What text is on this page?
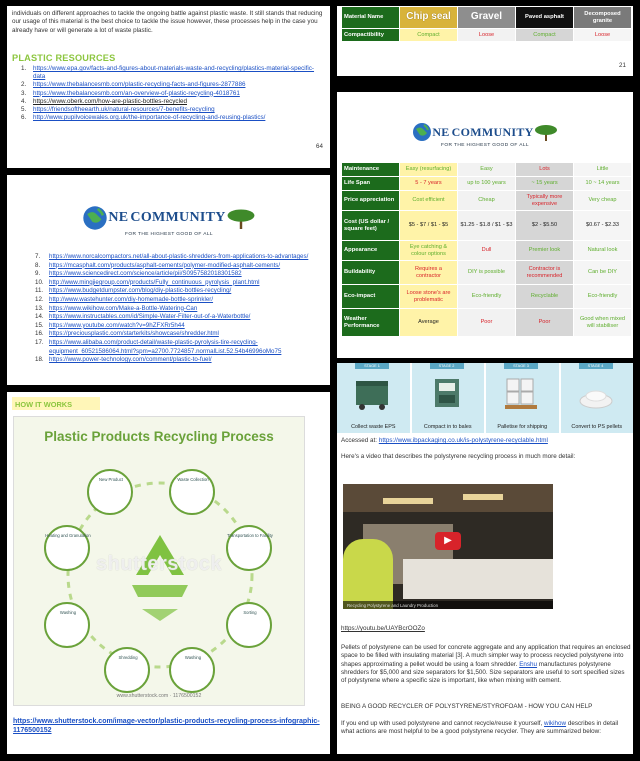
individuals on different approaches to tackle the ongoing battle against plastic waste. It still stands that reducing our usage of this material is the best choice to tackle the issue however, these processes help in the case you already have or will generate a lot of waste plastic.

PLASTIC RESOURCES
1.	https://www.epa.gov/facts-and-figures-about-materials-waste-and-recycling/plastics-material-specific-data
2.	https://www.thebalancesmb.com/plastic-recycling-facts-and-figures-2877886
3.	https://www.thebalancesmb.com/an-overview-of-plastic-recycling-4018761
4.	https://www.oberk.com/how-are-plastic-bottles-recycled
5.	https://friendsoftheearth.uk/natural-resources/7-benefits-recycling
6.	http://www.pupilvoicewales.org.uk/the-importance-of-recycling-and-reusing-plastics/
64
Material Name	Chip seal	Gravel	Paved asphalt	Decomposed granite
Compactibility	Compact	Loose	Compact	Loose
21
NE COMMUNITY
FOR THE HIGHEST GOOD OF ALL
Maintenance	Easy (resurfacing)	Easy	Lots	Little
Life Span	5 - 7 years	up to 100 years	~ 15 years	10 ~ 14 years
Price appreciation	Cost efficient	Cheap	Typically more expensive	Very cheap
Cost (US dollar / square feet)	$5 - $7 / $1 - $5	$1.25 - $1.8 / $1 - $3	$2 - $5.50	$0.67 - $2.33
Appearance	Eye catching & colour options	Dull	Premier look	Natural look
Buildability	Requires a contractor	DIY is possible	Contractor is recommended	Can be DIY
Eco-impact	Loose stone's are problematic	Eco-friendly	Recyclable	Eco-friendly
Weather Performance	Average	Poor	Poor	Good when mixed will stabiliser
NE COMMUNITY
FOR THE HIGHEST GOOD OF ALL
7.	https://www.norcalcompactors.net/all-about-plastic-shredders-from-applications-to-advantages/
8.	https://mcasphalt.com/products/asphalt-cements/polymer-modified-asphalt-cements/
9.	https://www.sciencedirect.com/science/article/pii/S0957582018301582
10. http://www.mingjiegroup.com/products/Fully_continuous_pyrolysis_plant.html
11. https://www.budgetdumpster.com/blog/diy-plastic-bottles-recycling/
12. http://www.wastehunter.com/diy-homemade-bottle-sprinkler/
13. https://www.wikihow.com/Make-a-Bottle-Watering-Can
14. https://www.instructables.com/id/Simple-Water-Filter-out-of-a-Waterbottle/
15. https://www.youtube.com/watch?v=9hZFXRr5h44
16. https://preciousplastic.com/starterkits/showcase/shredder.html
17. https://www.alibaba.com/product-detail/waste-plastic-pyrolysis-tire-recycling-equipment_60521586064.html?spm=a2700.7724857.normalList.52.54b46996oMo75
18. https://www.power-technology.com/comment/plastic-to-fuel/
HOW IT WORKS
Plastic Products Recycling Process
New Product	Waste Collection
Transportation to Facility
Sorting
Washing
Shredding
Washing
Heating and Granulation
shutterstock
www.shutterstock.com · 1176500152
https://www.shutterstock.com/image-vector/plastic-products-recycling-process-infographic-1176500152
STAGE 1
Collect waste EPS
STAGE 2
Compact in to bales
STAGE 3
Palletise for shipping
STAGE 4
Convert to PS pellets
Accessed at: https://www.ibpackaging.co.uk/is-polystyrene-recyclable.html
Here's a video that describes the polystyrene recycling process in much more detail:
▶
Recycling Polystyrene and Laundry Production
https://youtu.be/UAYBcrOOZo
Pellets of polystyrene can be used for concrete aggregate and any application that requires an enclosed space to be filled with insulating material [3]. A much simpler way to process recycled polystyrene into shapes approximating a pellet would be using a foam shredder. Enshu manufactures polystyrene shredders for $5,000 and size separators for $1,500. Size separators are useful to sort specified sizes of polystyrene where a specific size is important, like when mixing with cement.
BEING A GOOD RECYCLER OF POLYSTYRENE/STYROFOAM - HOW YOU CAN HELP
If you end up with used polystyrene and cannot recycle/reuse it yourself, wikihow describes in detail what actions are most helpful to be a good polystyrene recycler. They are summarized below:
